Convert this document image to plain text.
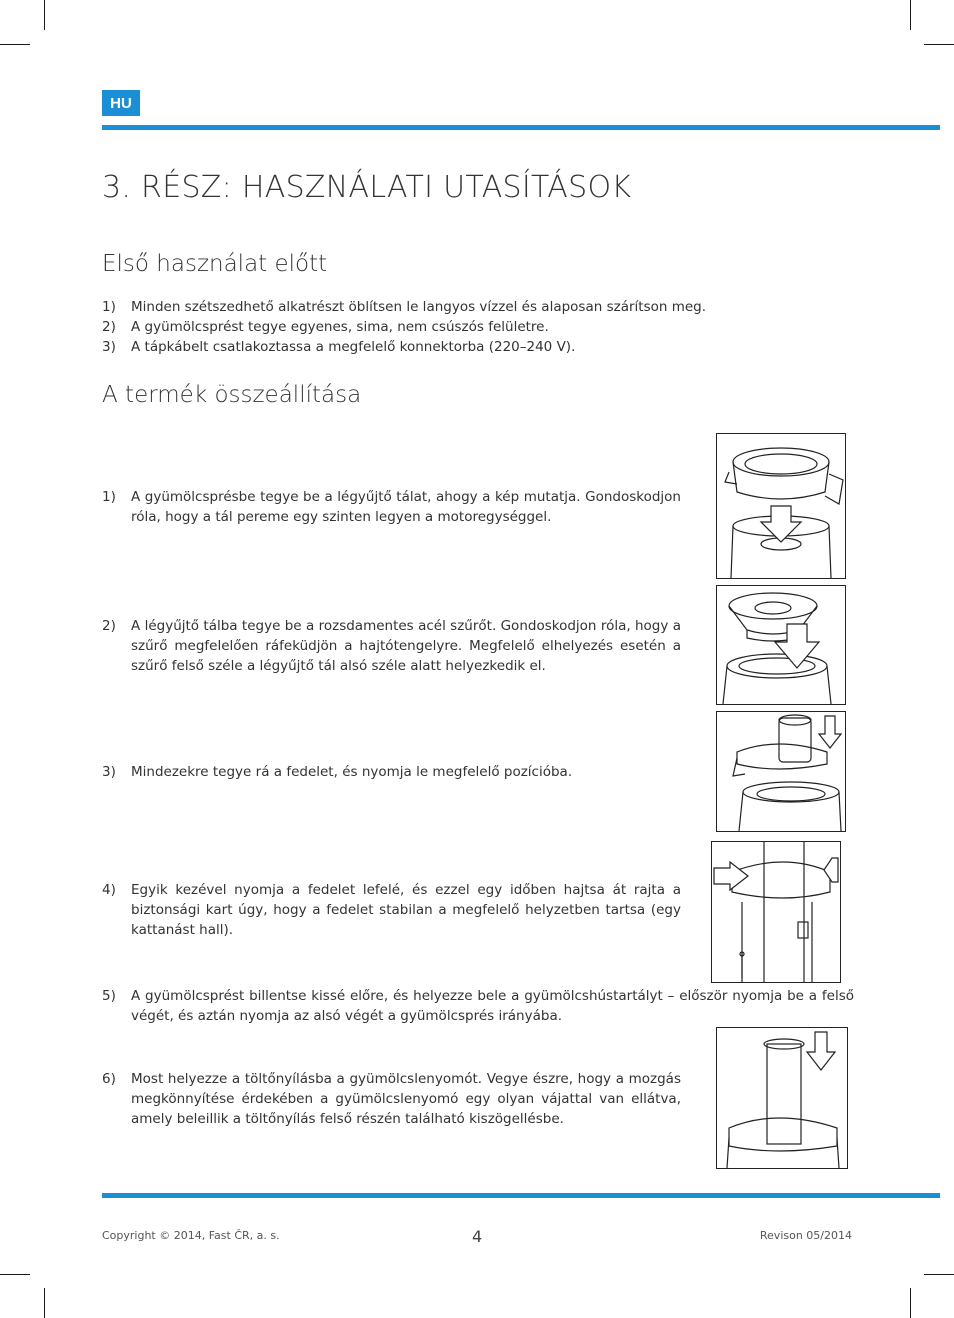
HU
3. RÉSZ: HASZNÁLATI UTASÍTÁSOK
Első használat előtt
1)	Minden szétszedhető alkatrészt öblítsen le langyos vízzel és alaposan szárítson meg.
2)	A gyümölcsprést tegye egyenes, sima, nem csúszós felületre.
3)	A tápkábelt csatlakoztassa a megfelelő konnektorba (220–240 V).
A termék összeállítása
1)	A gyümölcsprésbe tegye be a légyűjtő tálat, ahogy a kép mutatja. Gondoskodjon róla, hogy a tál pereme egy szinten legyen a motoregységgel.
2)	A légyűjtő tálba tegye be a rozsdamentes acél szűrőt. Gondoskodjon róla, hogy a szűrő megfelelően ráfeküdjön a hajtótengelyre. Megfelelő elhelyezés esetén a szűrő felső széle a légyűjtő tál alsó széle alatt helyezkedik el.
3)	Mindezekre tegye rá a fedelet, és nyomja le megfelelő pozícióba.
4)	Egyik kezével nyomja a fedelet lefelé, és ezzel egy időben hajtsa át rajta a biztonsági kart úgy, hogy a fedelet stabilan a megfelelő helyzetben tartsa (egy kattanást hall).
5)	A gyümölcsprést billentse kissé előre, és helyezze bele a gyümölcshústartályt – először nyomja be a felső végét, és aztán nyomja az alsó végét a gyümölcsprés irányába.
6)	Most helyezze a töltőnyílásba a gyümölcslenyomót. Vegye észre, hogy a mozgás megkönnyítése érdekében a gyümölcslenyomó egy olyan vájattal van ellátva, amely beleillik a töltőnyílás felső részén található kiszögellésbe.
Copyright © 2014, Fast ČR, a. s.	4	Revison 05/2014
